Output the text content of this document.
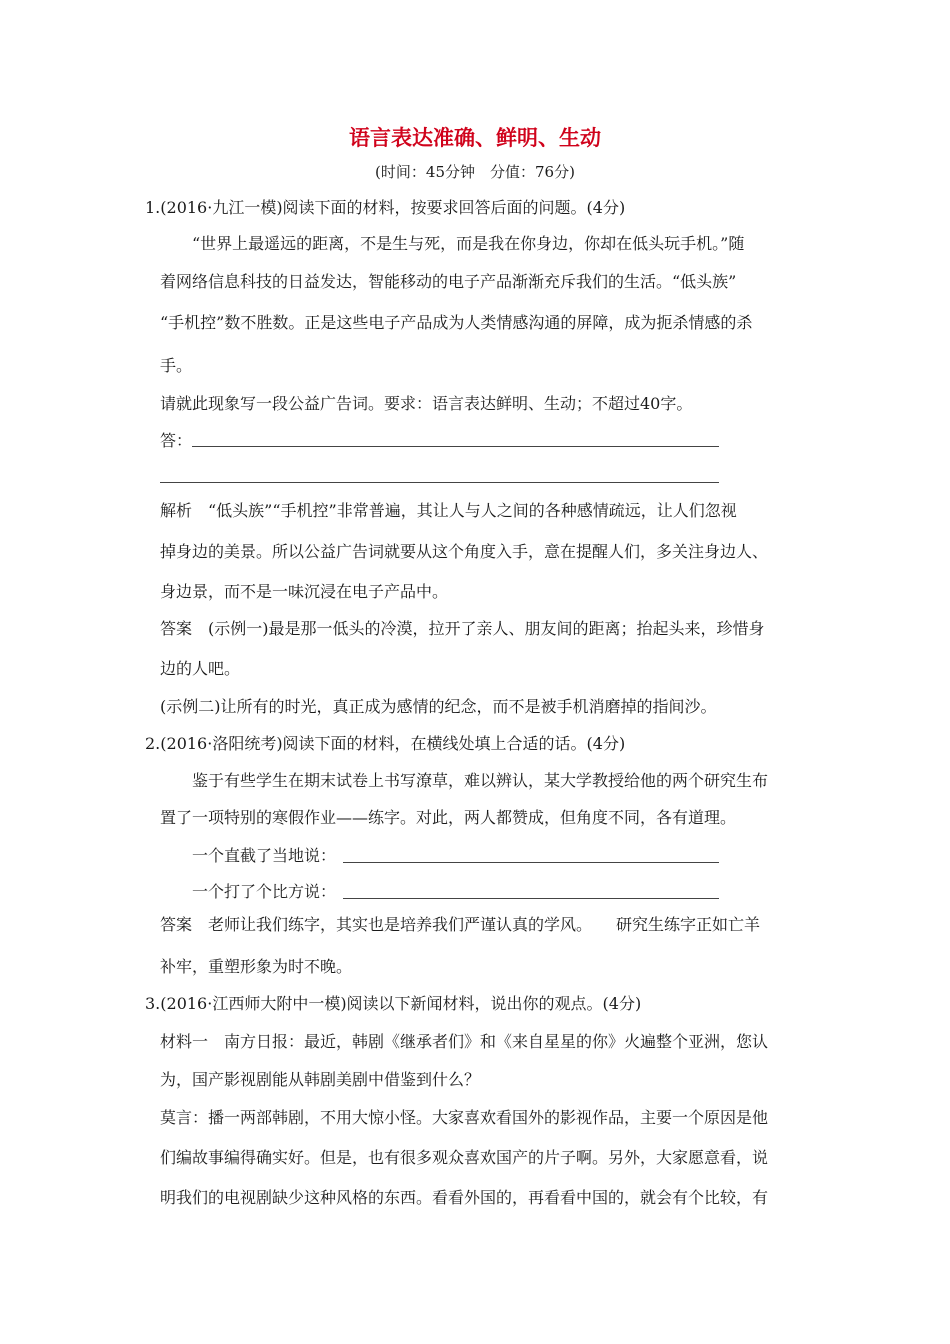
语言表达准确、鲜明、生动
(时间：45分钟　分值：76分)
1.(2016·九江一模)阅读下面的材料，按要求回答后面的问题。(4分)
“世界上最遥远的距离，不是生与死，而是我在你身边，你却在低头玩手机。”随
着网络信息科技的日益发达，智能移动的电子产品渐渐充斥我们的生活。“低头族”
“手机控”数不胜数。正是这些电子产品成为人类情感沟通的屏障，成为扼杀情感的杀
手。
请就此现象写一段公益广告词。要求：语言表达鲜明、生动；不超过40字。
答：
解析　“低头族”“手机控”非常普遍，其让人与人之间的各种感情疏远，让人们忽视
掉身边的美景。所以公益广告词就要从这个角度入手，意在提醒人们，多关注身边人、
身边景，而不是一味沉浸在电子产品中。
答案　(示例一)最是那一低头的冷漠，拉开了亲人、朋友间的距离；抬起头来，珍惜身
边的人吧。
(示例二)让所有的时光，真正成为感情的纪念，而不是被手机消磨掉的指间沙。
2.(2016·洛阳统考)阅读下面的材料，在横线处填上合适的话。(4分)
鉴于有些学生在期末试卷上书写潦草，难以辨认，某大学教授给他的两个研究生布
置了一项特别的寒假作业——练字。对此，两人都赞成，但角度不同，各有道理。
一个直截了当地说：
一个打了个比方说：
答案　老师让我们练字，其实也是培养我们严谨认真的学风。　　研究生练字正如亡羊
补牢，重塑形象为时不晚。
3.(2016·江西师大附中一模)阅读以下新闻材料，说出你的观点。(4分)
材料一　南方日报：最近，韩剧《继承者们》和《来自星星的你》火遍整个亚洲，您认
为，国产影视剧能从韩剧美剧中借鉴到什么？
莫言：播一两部韩剧，不用大惊小怪。大家喜欢看国外的影视作品，主要一个原因是他
们编故事编得确实好。但是，也有很多观众喜欢国产的片子啊。另外，大家愿意看，说
明我们的电视剧缺少这种风格的东西。看看外国的，再看看中国的，就会有个比较，有
